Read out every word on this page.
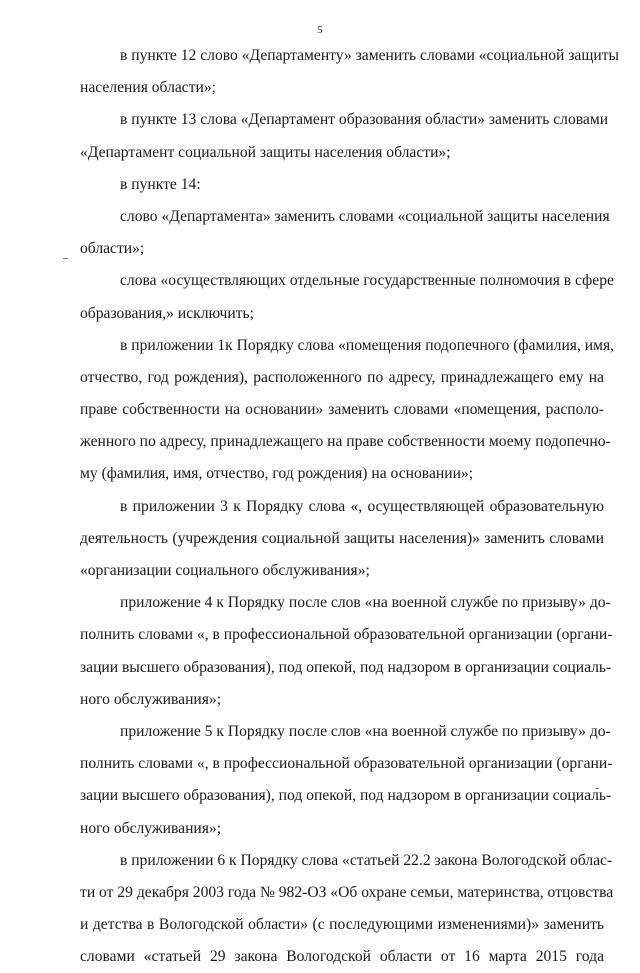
5
в пункте 12 слово «Департаменту» заменить словами «социальной защиты
населения области»;
в пункте 13 слова «Департамент образования области» заменить словами
«Департамент социальной защиты населения области»;
в пункте 14:
слово «Департамента» заменить словами «социальной защиты населения
области»;
слова «осуществляющих отдельные государственные полномочия в сфере
образования,» исключить;
в приложении 1к Порядку слова «помещения подопечного (фамилия, имя,
отчество, год рождения), расположенного по адресу, принадлежащего ему на
праве собственности на основании» заменить словами «помещения, располо-
женного по адресу, принадлежащего на праве собственности моему подопечно-
му (фамилия, имя, отчество, год рождения) на основании»;
в приложении 3 к Порядку слова «, осуществляющей образовательную
деятельность (учреждения социальной защиты населения)» заменить словами
«организации социального обслуживания»;
приложение 4 к Порядку после слов «на военной службе по призыву» до-
полнить словами «, в профессиональной образовательной организации (органи-
зации высшего образования), под опекой, под надзором в организации социаль-
ного обслуживания»;
приложение 5 к Порядку после слов «на военной службе по призыву» до-
полнить словами «, в профессиональной образовательной организации (органи-
зации высшего образования), под опекой, под надзором в организации социаль-
ного обслуживания»;
в приложении 6 к Порядку слова «статьей 22.2 закона Вологодской облас-
ти от 29 декабря 2003 года № 982-ОЗ «Об охране семьи, материнства, отцовства
и детства в Вологодской области» (с последующими изменениями)» заменить
словами «статьей 29 закона Вологодской области от 16 марта 2015 года
